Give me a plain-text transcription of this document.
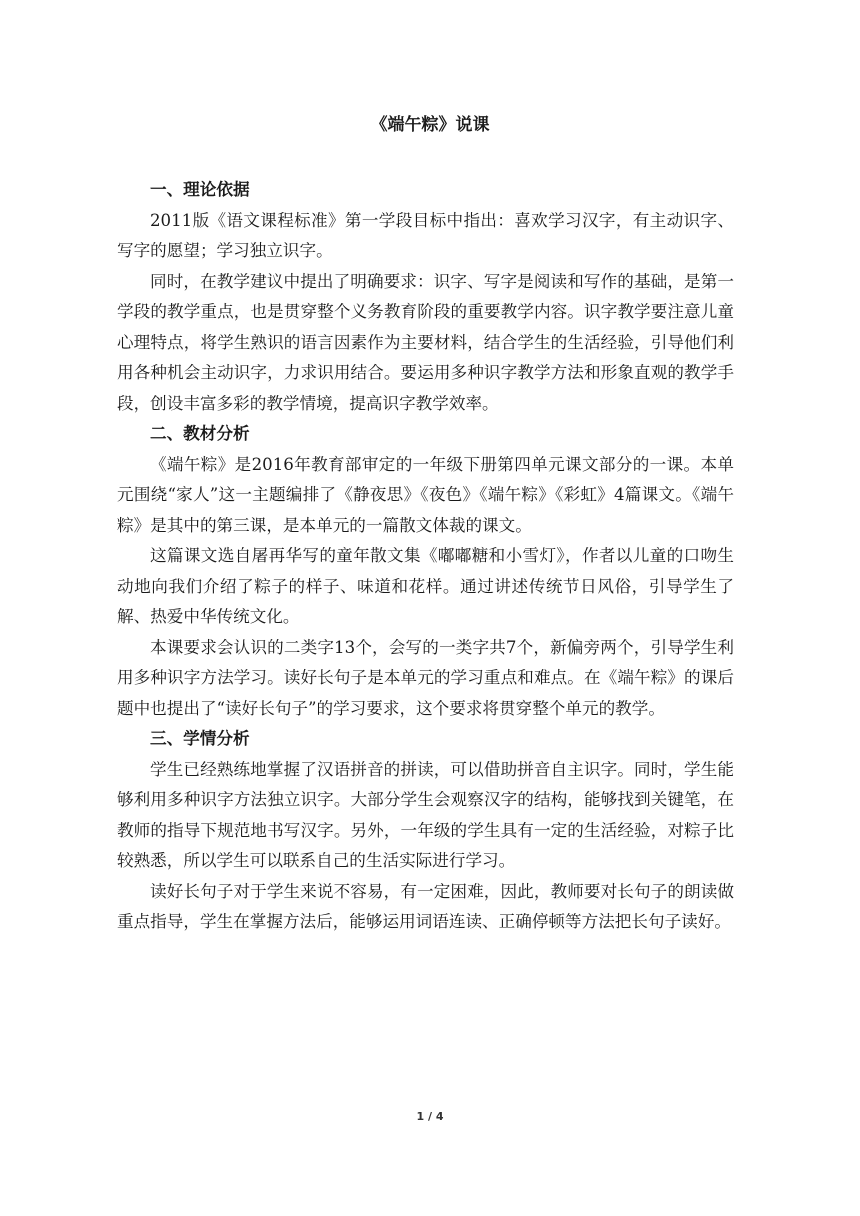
《端午粽》说课
一、理论依据

2011版《语文课程标准》第一学段目标中指出：喜欢学习汉字，有主动识字、写字的愿望；学习独立识字。

同时，在教学建议中提出了明确要求：识字、写字是阅读和写作的基础，是第一学段的教学重点，也是贯穿整个义务教育阶段的重要教学内容。识字教学要注意儿童心理特点，将学生熟识的语言因素作为主要材料，结合学生的生活经验，引导他们利用各种机会主动识字，力求识用结合。要运用多种识字教学方法和形象直观的教学手段，创设丰富多彩的教学情境，提高识字教学效率。

二、教材分析

《端午粽》是2016年教育部审定的一年级下册第四单元课文部分的一课。本单元围绕“家人”这一主题编排了《静夜思》《夜色》《端午粽》《彩虹》4篇课文。《端午粽》是其中的第三课，是本单元的一篇散文体裁的课文。

这篇课文选自屠再华写的童年散文集《嘟嘟糖和小雪灯》，作者以儿童的口吻生动地向我们介绍了粽子的样子、味道和花样。通过讲述传统节日风俗，引导学生了解、热爱中华传统文化。

本课要求会认识的二类字13个，会写的一类字共7个，新偏旁两个，引导学生利用多种识字方法学习。读好长句子是本单元的学习重点和难点。在《端午粽》的课后题中也提出了“读好长句子”的学习要求，这个要求将贯穿整个单元的教学。

三、学情分析

学生已经熟练地掌握了汉语拼音的拼读，可以借助拼音自主识字。同时，学生能够利用多种识字方法独立识字。大部分学生会观察汉字的结构，能够找到关键笔，在教师的指导下规范地书写汉字。另外，一年级的学生具有一定的生活经验，对粽子比较熟悉，所以学生可以联系自己的生活实际进行学习。

读好长句子对于学生来说不容易，有一定困难，因此，教师要对长句子的朗读做重点指导，学生在掌握方法后，能够运用词语连读、正确停顿等方法把长句子读好。

1 / 4
